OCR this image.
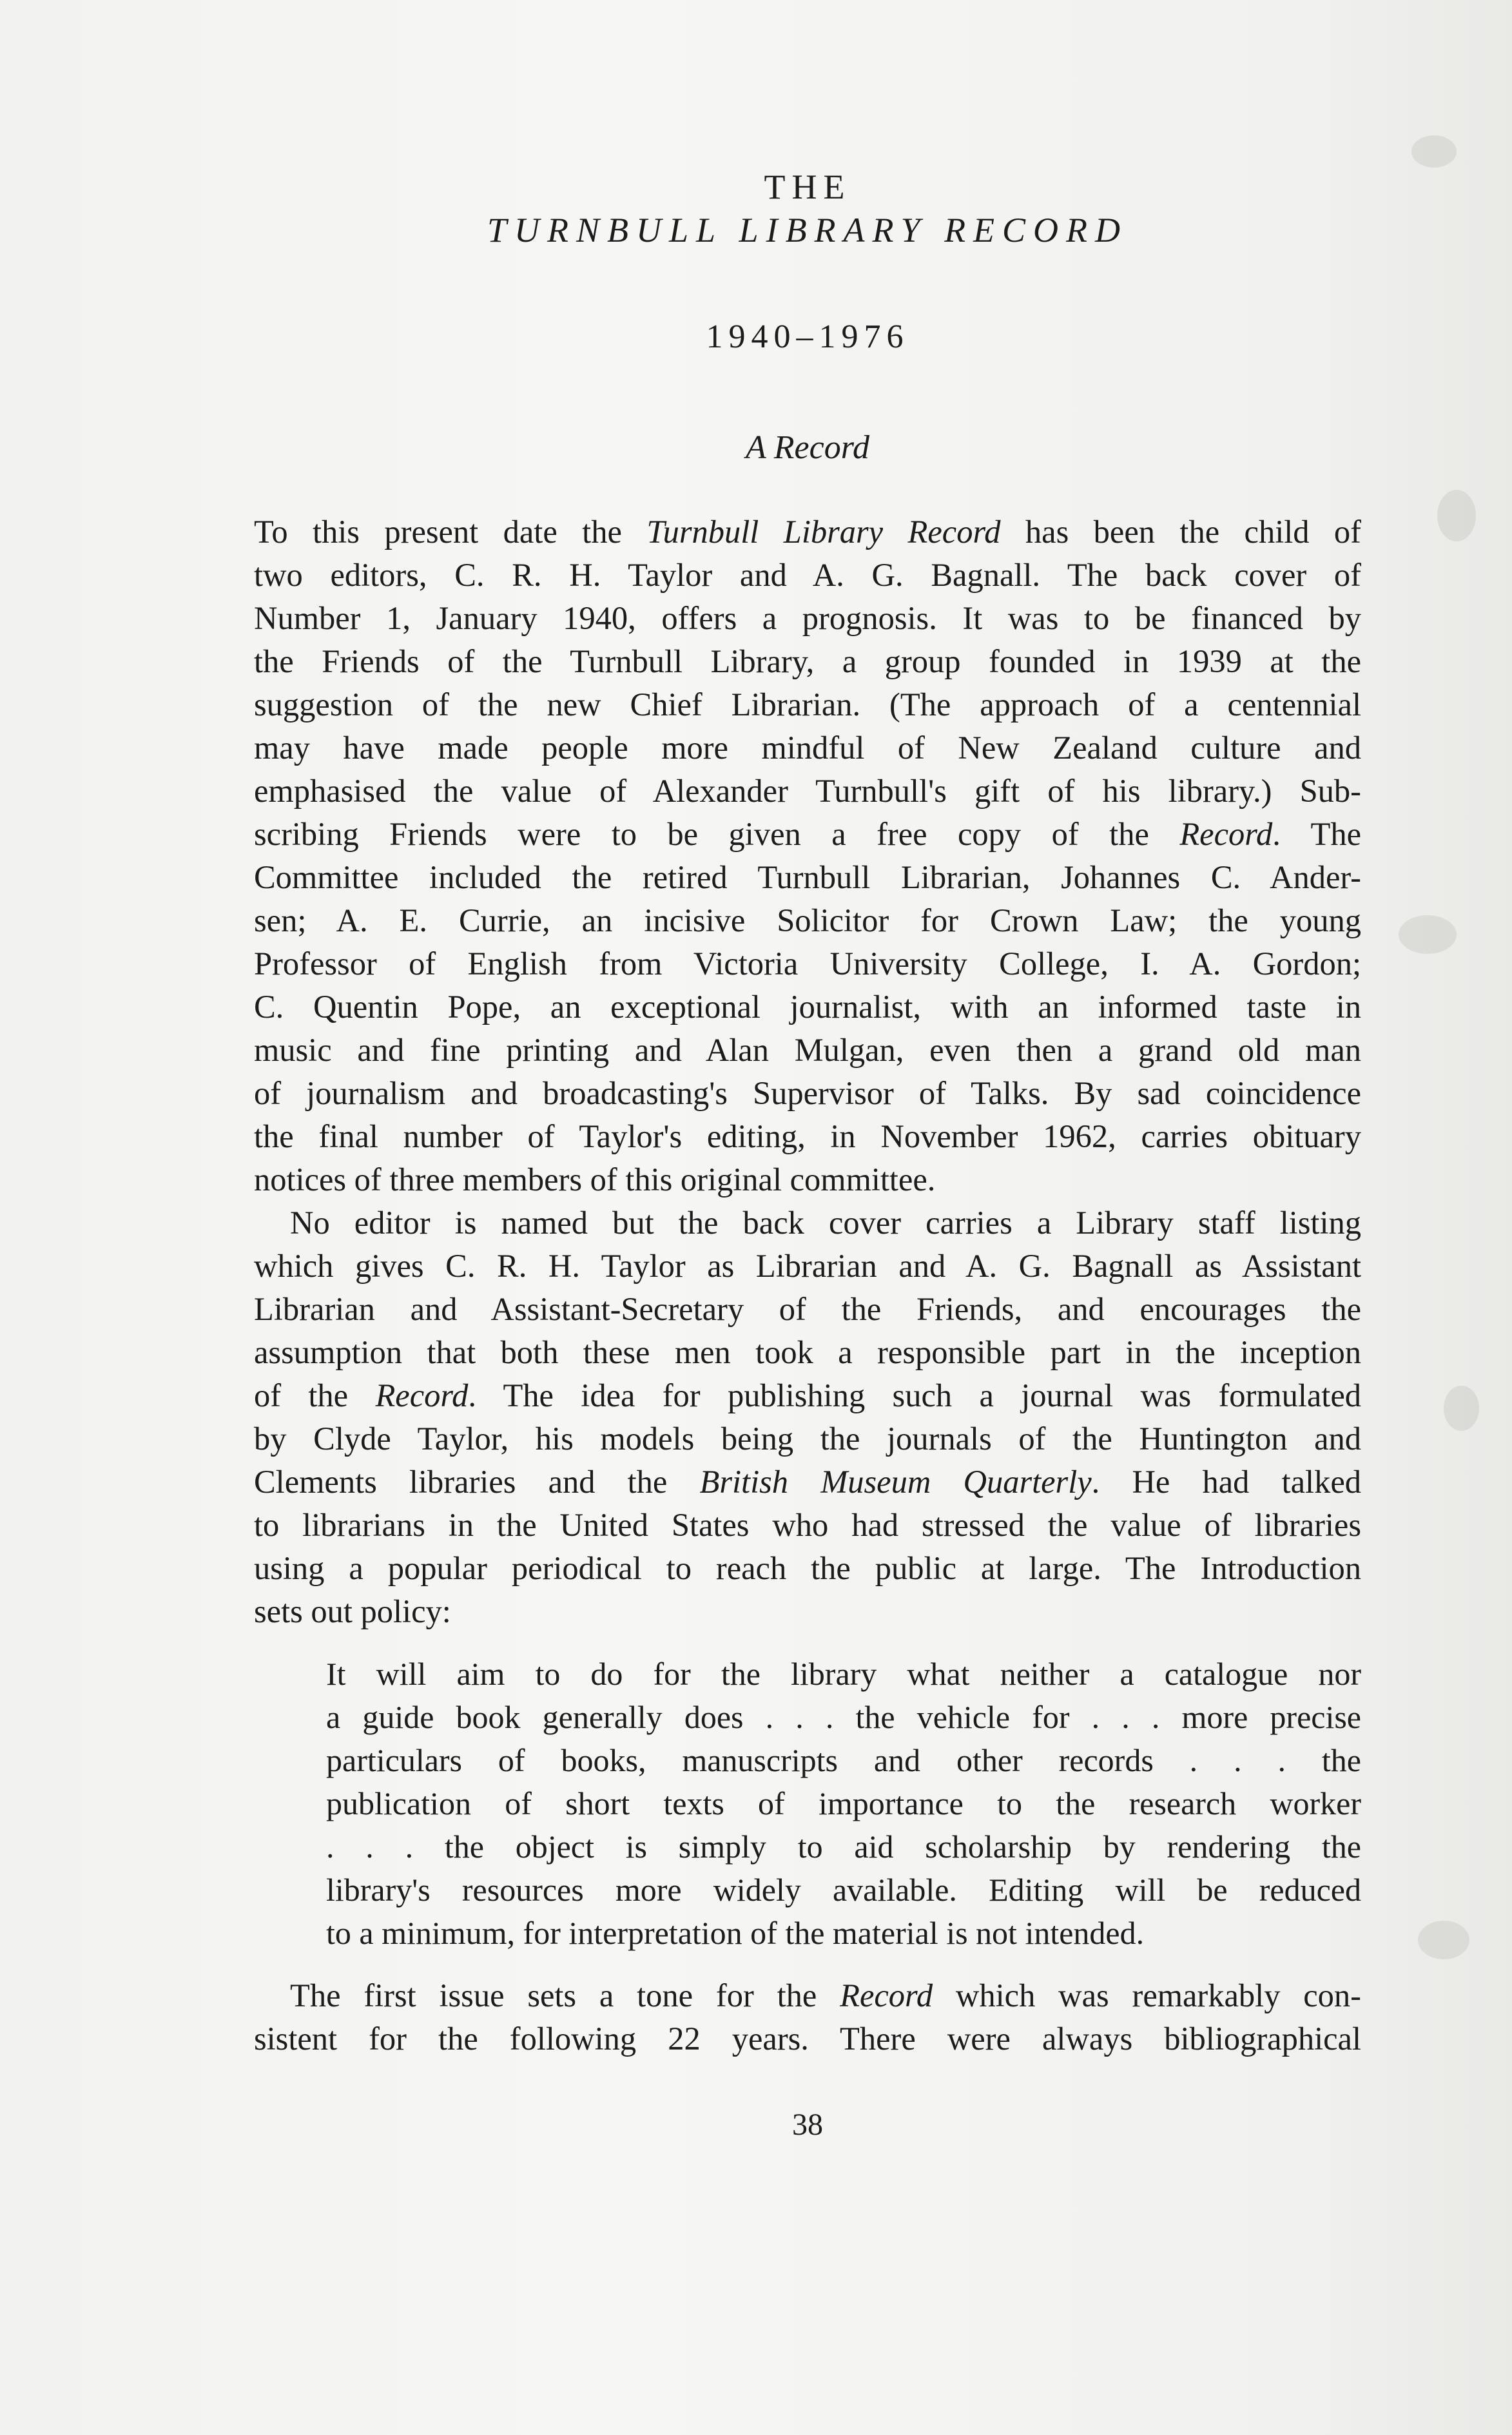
THE
TURNBULL LIBRARY RECORD
1940–1976
A Record
To this present date the Turnbull Library Record has been the child of
two editors, C. R. H. Taylor and A. G. Bagnall. The back cover of
Number 1, January 1940, offers a prognosis. It was to be financed by
the Friends of the Turnbull Library, a group founded in 1939 at the
suggestion of the new Chief Librarian. (The approach of a centennial
may have made people more mindful of New Zealand culture and
emphasised the value of Alexander Turnbull's gift of his library.) Sub-
scribing Friends were to be given a free copy of the Record. The
Committee included the retired Turnbull Librarian, Johannes C. Ander-
sen; A. E. Currie, an incisive Solicitor for Crown Law; the young
Professor of English from Victoria University College, I. A. Gordon;
C. Quentin Pope, an exceptional journalist, with an informed taste in
music and fine printing and Alan Mulgan, even then a grand old man
of journalism and broadcasting's Supervisor of Talks. By sad coincidence
the final number of Taylor's editing, in November 1962, carries obituary
notices of three members of this original committee.
No editor is named but the back cover carries a Library staff listing
which gives C. R. H. Taylor as Librarian and A. G. Bagnall as Assistant
Librarian and Assistant-Secretary of the Friends, and encourages the
assumption that both these men took a responsible part in the inception
of the Record. The idea for publishing such a journal was formulated
by Clyde Taylor, his models being the journals of the Huntington and
Clements libraries and the British Museum Quarterly. He had talked
to librarians in the United States who had stressed the value of libraries
using a popular periodical to reach the public at large. The Introduction
sets out policy:
It will aim to do for the library what neither a catalogue nor
a guide book generally does . . . the vehicle for . . . more precise
particulars of books, manuscripts and other records . . . the
publication of short texts of importance to the research worker
. . . the object is simply to aid scholarship by rendering the
library's resources more widely available. Editing will be reduced
to a minimum, for interpretation of the material is not intended.
The first issue sets a tone for the Record which was remarkably con-
sistent for the following 22 years. There were always bibliographical
38
